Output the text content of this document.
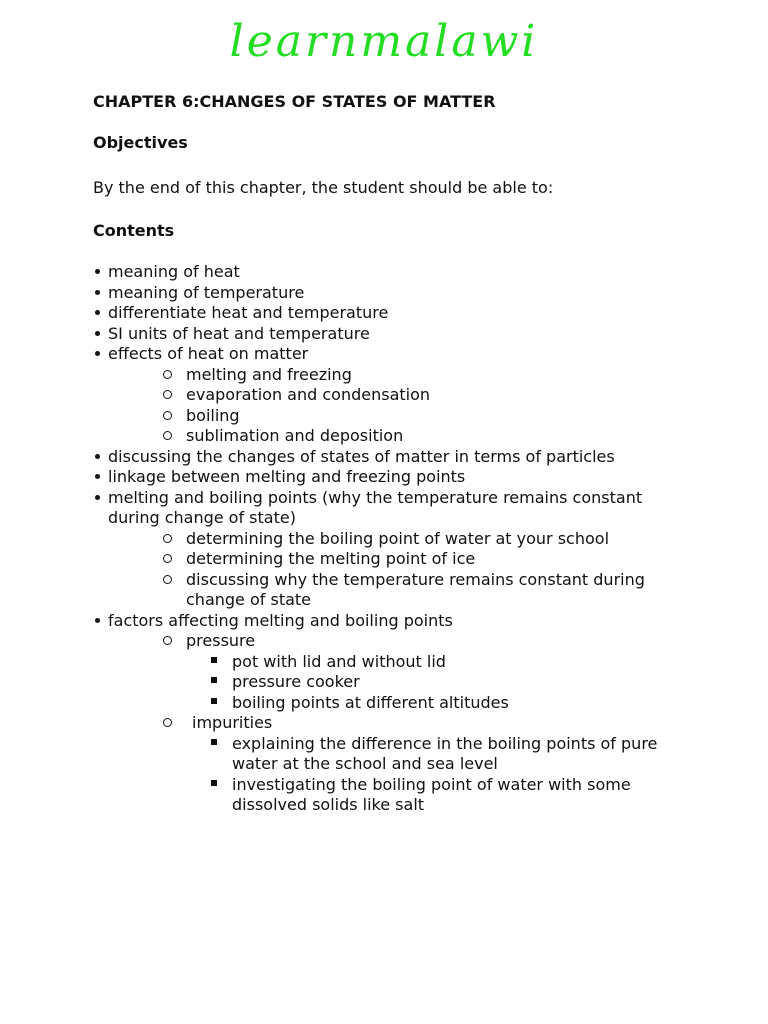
learnmalawi
CHAPTER 6:CHANGES OF STATES OF MATTER
Objectives
By the end of this chapter, the student should be able to:
Contents
meaning of heat
meaning of temperature
differentiate heat and temperature
SI units of heat and temperature
effects of heat on matter
melting and freezing
evaporation and condensation
boiling
sublimation and deposition
discussing the changes of states of matter in terms of particles
linkage between melting and freezing points
melting and boiling points (why the temperature remains constant during change of state)
determining the boiling point of water at your school
determining the melting point of ice
discussing why the temperature remains constant during change of state
factors affecting melting and boiling points
pressure
pot with lid and without lid
pressure cooker
boiling points at different altitudes
impurities
explaining the difference in the boiling points of pure water at the school and sea level
investigating the boiling point of water with some dissolved solids like salt
